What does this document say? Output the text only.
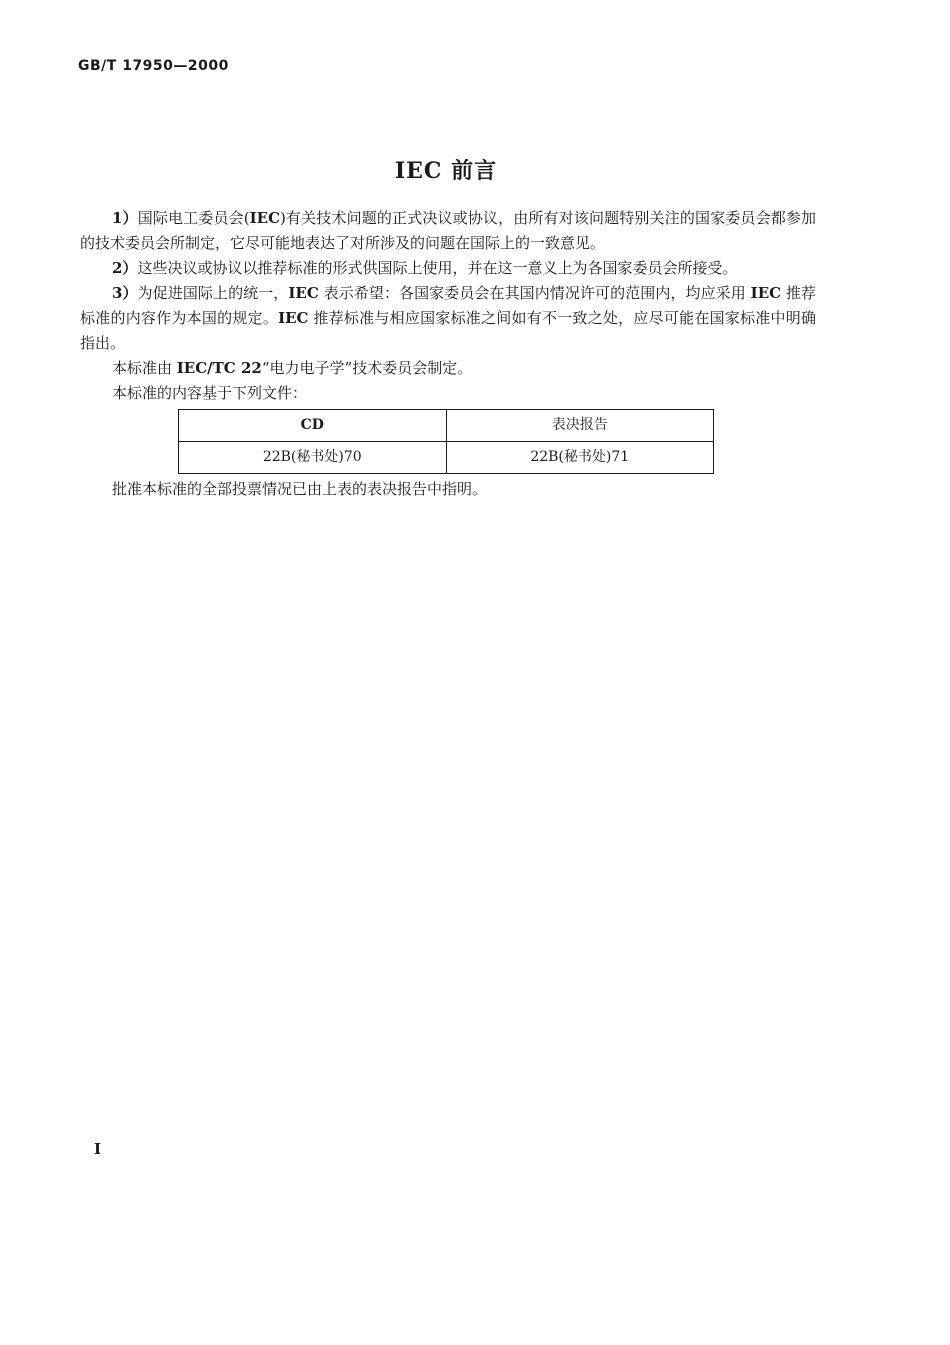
GB/T 17950—2000
IEC 前言

1）国际电工委员会(IEC)有关技术问题的正式决议或协议，由所有对该问题特别关注的国家委员会都参加的技术委员会所制定，它尽可能地表达了对所涉及的问题在国际上的一致意见。

2）这些决议或协议以推荐标准的形式供国际上使用，并在这一意义上为各国家委员会所接受。

3）为促进国际上的统一，IEC 表示希望：各国家委员会在其国内情况许可的范围内，均应采用 IEC 推荐标准的内容作为本国的规定。IEC 推荐标准与相应国家标准之间如有不一致之处，应尽可能在国家标准中明确指出。

本标准由 IEC/TC 22“电力电子学”技术委员会制定。

本标准的内容基于下列文件：

CD	表决报告
22B(秘书处)70	22B(秘书处)71

批准本标准的全部投票情况已由上表的表决报告中指明。

I
